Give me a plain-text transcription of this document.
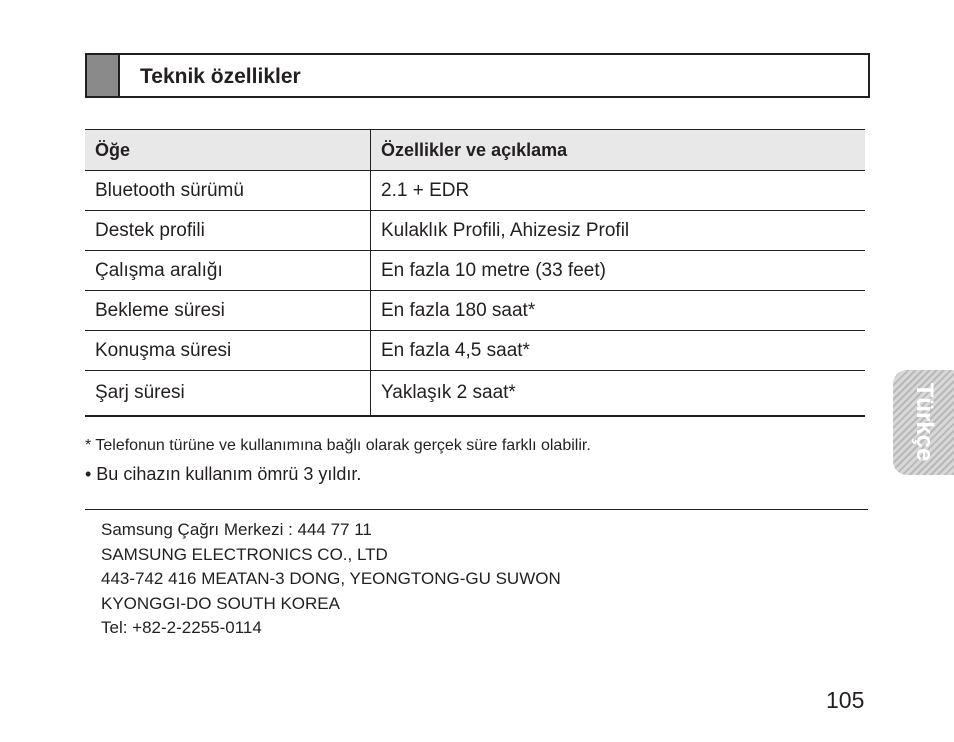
Teknik özellikler
Öğe	Özellikler ve açıklama
Bluetooth sürümü	2.1 + EDR
Destek profili	Kulaklık Profili, Ahizesiz Profil
Çalışma aralığı	En fazla 10 metre (33 feet)
Bekleme süresi	En fazla 180 saat*
Konuşma süresi	En fazla 4,5 saat*
Şarj süresi	Yaklaşık 2 saat*
* Telefonun türüne ve kullanımına bağlı olarak gerçek süre farklı olabilir.
• Bu cihazın kullanım ömrü 3 yıldır.
Samsung Çağrı Merkezi : 444 77 11
SAMSUNG ELECTRONICS CO., LTD
443-742 416 MEATAN-3 DONG, YEONGTONG-GU SUWON
KYONGGI-DO SOUTH KOREA
Tel: +82-2-2255-0114
Türkçe
105
